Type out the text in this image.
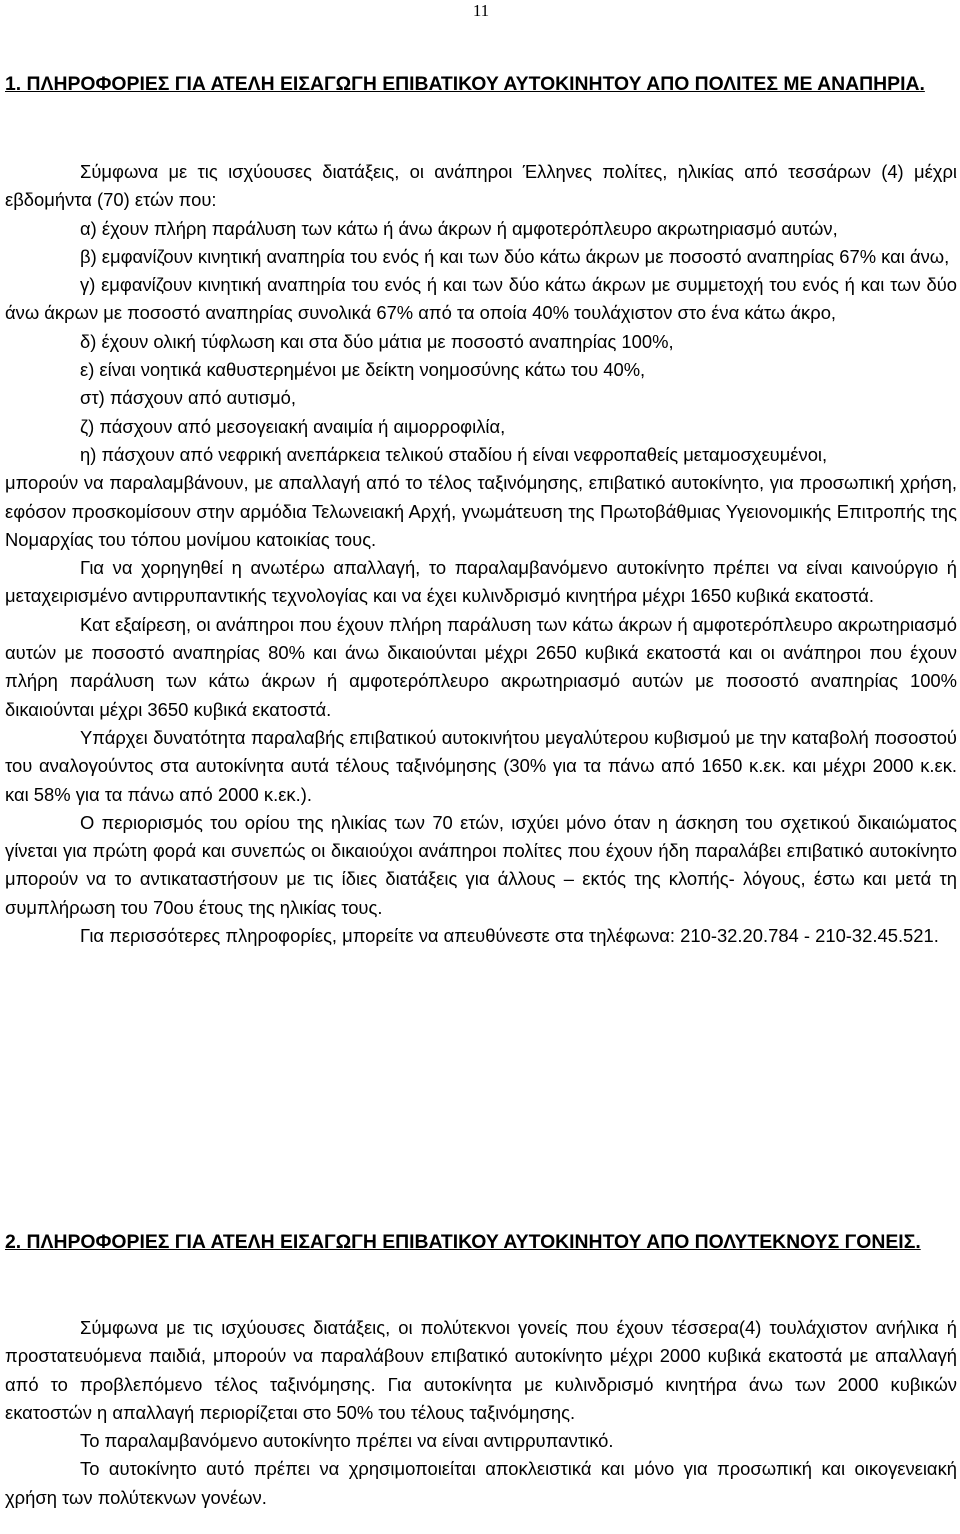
11
1. ΠΛΗΡΟΦΟΡΙΕΣ ΓΙΑ ΑΤΕΛΗ ΕΙΣΑΓΩΓΗ ΕΠΙΒΑΤΙΚΟΥ ΑΥΤΟΚΙΝΗΤΟΥ ΑΠΟ ΠΟΛΙΤΕΣ ΜΕ ΑΝΑΠΗΡΙΑ.

Σύμφωνα με τις ισχύουσες διατάξεις, οι ανάπηροι Έλληνες πολίτες, ηλικίας από τεσσάρων (4) μέχρι εβδομήντα (70) ετών που:

α) έχουν πλήρη παράλυση των κάτω ή άνω άκρων ή αμφοτερόπλευρο ακρωτηριασμό αυτών,

β) εμφανίζουν κινητική αναπηρία του ενός ή και των δύο κάτω άκρων με ποσοστό αναπηρίας 67% και άνω,

γ) εμφανίζουν κινητική αναπηρία του ενός ή και των δύο κάτω άκρων με συμμετοχή του ενός ή και των δύο άνω άκρων με ποσοστό αναπηρίας συνολικά 67% από τα οποία 40% τουλάχιστον στο ένα κάτω άκρο,

δ) έχουν ολική τύφλωση και στα δύο μάτια με ποσοστό αναπηρίας 100%,

ε) είναι νοητικά καθυστερημένοι με δείκτη νοημοσύνης κάτω του 40%,

στ) πάσχουν από αυτισμό,

ζ) πάσχουν από μεσογειακή αναιμία ή αιμορροφιλία,

η) πάσχουν από νεφρική ανεπάρκεια τελικού σταδίου ή είναι νεφροπαθείς μεταμοσχευμένοι,

μπορούν να παραλαμβάνουν, με απαλλαγή από το τέλος ταξινόμησης, επιβατικό αυτοκίνητο, για προσωπική χρήση, εφόσον προσκομίσουν στην αρμόδια Τελωνειακή Αρχή, γνωμάτευση της Πρωτοβάθμιας Υγειονομικής Επιτροπής της Νομαρχίας του τόπου μονίμου κατοικίας τους.

Για να χορηγηθεί η ανωτέρω απαλλαγή, το παραλαμβανόμενο αυτοκίνητο πρέπει να είναι καινούργιο ή μεταχειρισμένο αντιρρυπαντικής τεχνολογίας και να έχει κυλινδρισμό κινητήρα μέχρι 1650 κυβικά εκατοστά.

Κατ εξαίρεση, οι ανάπηροι που έχουν πλήρη παράλυση των κάτω άκρων ή αμφοτερόπλευρο ακρωτηριασμό αυτών με ποσοστό αναπηρίας 80% και άνω δικαιούνται μέχρι 2650 κυβικά εκατοστά και οι ανάπηροι που έχουν πλήρη παράλυση των κάτω άκρων ή αμφοτερόπλευρο ακρωτηριασμό αυτών με ποσοστό αναπηρίας 100% δικαιούνται μέχρι 3650 κυβικά εκατοστά.

Υπάρχει δυνατότητα παραλαβής επιβατικού αυτοκινήτου μεγαλύτερου κυβισμού με την καταβολή ποσοστού του αναλογούντος στα αυτοκίνητα αυτά τέλους ταξινόμησης (30% για τα πάνω από 1650 κ.εκ. και μέχρι 2000 κ.εκ. και 58% για τα πάνω από 2000 κ.εκ.).

Ο περιορισμός του ορίου της ηλικίας των 70 ετών, ισχύει μόνο όταν η άσκηση του σχετικού δικαιώματος γίνεται για πρώτη φορά και συνεπώς οι δικαιούχοι ανάπηροι πολίτες που έχουν ήδη παραλάβει επιβατικό αυτοκίνητο μπορούν να το αντικαταστήσουν με τις ίδιες διατάξεις για άλλους – εκτός της κλοπής- λόγους, έστω και μετά τη συμπλήρωση του 70ου έτους της ηλικίας τους.

Για περισσότερες πληροφορίες, μπορείτε να απευθύνεστε στα τηλέφωνα: 210-32.20.784 - 210-32.45.521.

2. ΠΛΗΡΟΦΟΡΙΕΣ ΓΙΑ ΑΤΕΛΗ ΕΙΣΑΓΩΓΗ ΕΠΙΒΑΤΙΚΟΥ ΑΥΤΟΚΙΝΗΤΟΥ ΑΠΟ ΠΟΛΥΤΕΚΝΟΥΣ ΓΟΝΕΙΣ.

Σύμφωνα με τις ισχύουσες διατάξεις, οι πολύτεκνοι γονείς που έχουν τέσσερα(4) τουλάχιστον ανήλικα ή προστατευόμενα παιδιά, μπορούν να παραλάβουν επιβατικό αυτοκίνητο μέχρι 2000 κυβικά εκατοστά με απαλλαγή από το προβλεπόμενο τέλος ταξινόμησης. Για αυτοκίνητα με κυλινδρισμό κινητήρα άνω των 2000 κυβικών εκατοστών η απαλλαγή περιορίζεται στο 50% του τέλους ταξινόμησης.

Το παραλαμβανόμενο αυτοκίνητο πρέπει να είναι αντιρρυπαντικό.

Το αυτοκίνητο αυτό πρέπει να χρησιμοποιείται αποκλειστικά και μόνο για προσωπική και οικογενειακή χρήση των πολύτεκνων γονέων.
